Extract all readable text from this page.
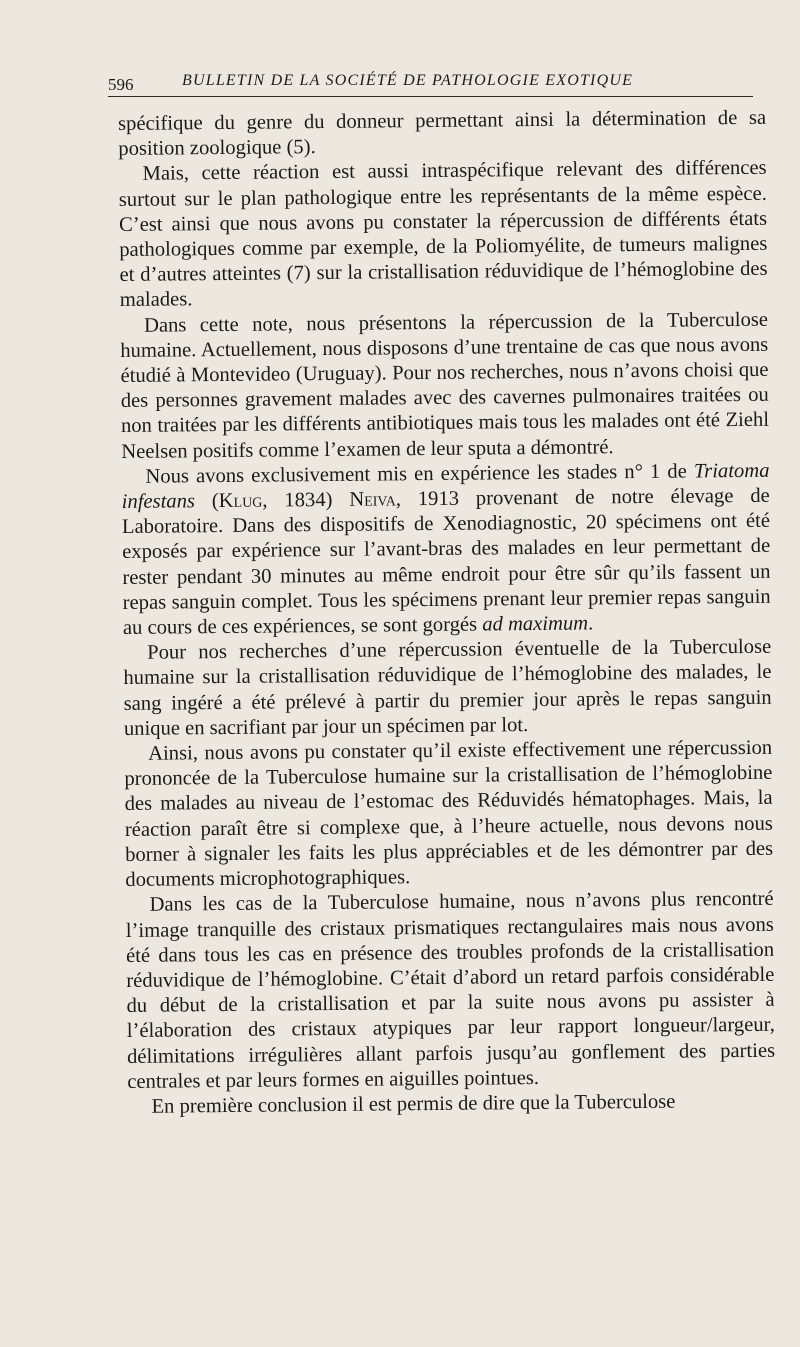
596	BULLETIN DE LA SOCIÉTÉ DE PATHOLOGIE EXOTIQUE

spécifique du genre du donneur permettant ainsi la détermination de sa position zoologique (5).

Mais, cette réaction est aussi intraspécifique relevant des différences surtout sur le plan pathologique entre les représentants de la même espèce. C’est ainsi que nous avons pu constater la répercussion de différents états pathologiques comme par exemple, de la Poliomyélite, de tumeurs malignes et d’autres atteintes (7) sur la cristallisation réduvidique de l’hémoglobine des malades.

Dans cette note, nous présentons la répercussion de la Tuberculose humaine. Actuellement, nous disposons d’une trentaine de cas que nous avons étudié à Montevideo (Uruguay). Pour nos recherches, nous n’avons choisi que des personnes gravement malades avec des cavernes pulmonaires traitées ou non traitées par les différents antibiotiques mais tous les malades ont été Ziehl Neelsen positifs comme l’examen de leur sputa a démontré.

Nous avons exclusivement mis en expérience les stades n° 1 de Triatoma infestans (Klug, 1834) Neiva, 1913 provenant de notre élevage de Laboratoire. Dans des dispositifs de Xenodiagnostic, 20 spécimens ont été exposés par expérience sur l’avant-bras des malades en leur permettant de rester pendant 30 minutes au même endroit pour être sûr qu’ils fassent un repas sanguin complet. Tous les spécimens prenant leur premier repas sanguin au cours de ces expériences, se sont gorgés ad maximum.

Pour nos recherches d’une répercussion éventuelle de la Tuberculose humaine sur la cristallisation réduvidique de l’hémoglobine des malades, le sang ingéré a été prélevé à partir du premier jour après le repas sanguin unique en sacrifiant par jour un spécimen par lot.

Ainsi, nous avons pu constater qu’il existe effectivement une répercussion prononcée de la Tuberculose humaine sur la cristallisation de l’hémoglobine des malades au niveau de l’estomac des Réduvidés hématophages. Mais, la réaction paraît être si complexe que, à l’heure actuelle, nous devons nous borner à signaler les faits les plus appréciables et de les démontrer par des documents microphotographiques.

Dans les cas de la Tuberculose humaine, nous n’avons plus rencontré l’image tranquille des cristaux prismatiques rectangulaires mais nous avons été dans tous les cas en présence des troubles profonds de la cristallisation réduvidique de l’hémoglobine. C’était d’abord un retard parfois considérable du début de la cristallisation et par la suite nous avons pu assister à l’élaboration des cristaux atypiques par leur rapport longueur/largeur, délimitations irrégulières allant parfois jusqu’au gonflement des parties centrales et par leurs formes en aiguilles pointues.

En première conclusion il est permis de dire que la Tuberculose
